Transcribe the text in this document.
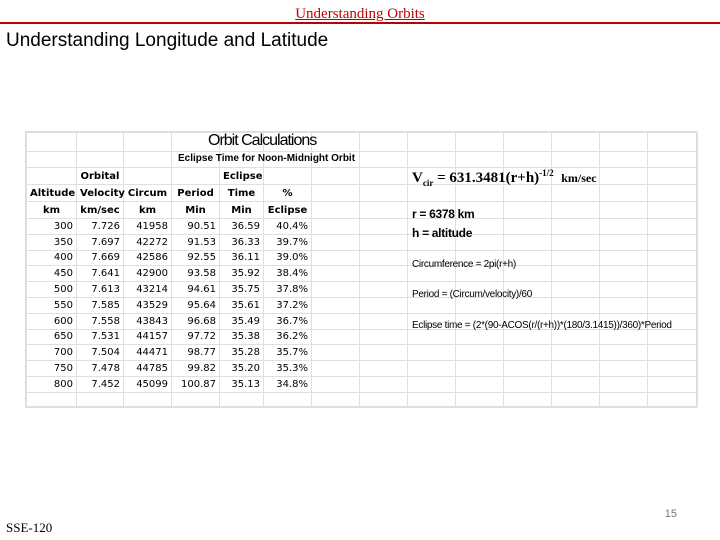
Understanding Orbits
Understanding Longitude and Latitude

	Orbital			Eclipse									
Altitude	Velocity	Circum	Period	Time	%								
km	km/sec	km	Min	Min	Eclipse								
300	7.726	41958	90.51	36.59	40.4%								
350	7.697	42272	91.53	36.33	39.7%								
400	7.669	42586	92.55	36.11	39.0%								
450	7.641	42900	93.58	35.92	38.4%								
500	7.613	43214	94.61	35.75	37.8%								
550	7.585	43529	95.64	35.61	37.2%								
600	7.558	43843	96.68	35.49	36.7%								
650	7.531	44157	97.72	35.38	36.2%								
700	7.504	44471	98.77	35.28	35.7%								
750	7.478	44785	99.82	35.20	35.3%								
800	7.452	45099	100.87	35.13	34.8%								

Orbit Calculations
Eclipse Time for Noon-Midnight Orbit
$V_{cir} = 631.3481(r+h)^{-1/2}$ km/sec
r = 6378 km
h = altitude
Circumference = 2pi(r+h)
Period = (Circum/velocity)/60
Eclipse time = (2*(90-ACOS(r/(r+h))*(180/3.1415))/360)*Period
15
SSE-120
